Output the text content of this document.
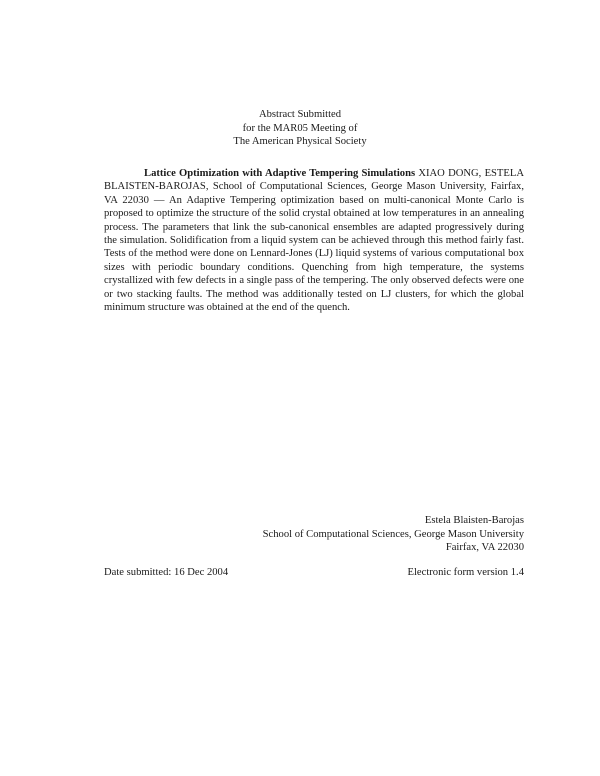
Abstract Submitted
for the MAR05 Meeting of
The American Physical Society
Lattice Optimization with Adaptive Tempering Simulations XIAO DONG, ESTELA BLAISTEN-BAROJAS, School of Computational Sciences, George Mason University, Fairfax, VA 22030 — An Adaptive Tempering optimization based on multi-canonical Monte Carlo is proposed to optimize the structure of the solid crystal obtained at low temperatures in an annealing process. The parameters that link the sub-canonical ensembles are adapted progressively during the simulation. Solidification from a liquid system can be achieved through this method fairly fast. Tests of the method were done on Lennard-Jones (LJ) liquid systems of various computational box sizes with periodic boundary conditions. Quenching from high temperature, the systems crystallized with few defects in a single pass of the tempering. The only observed defects were one or two stacking faults. The method was additionally tested on LJ clusters, for which the global minimum structure was obtained at the end of the quench.
Estela Blaisten-Barojas
School of Computational Sciences, George Mason University
Fairfax, VA 22030
Date submitted: 16 Dec 2004	Electronic form version 1.4
